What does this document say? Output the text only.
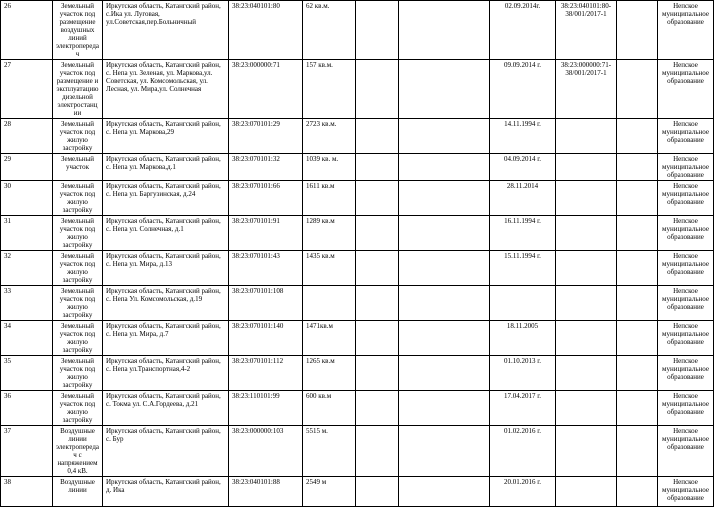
26	Земельный участок под размещение воздушных линий электропередач	Иркутская область, Катангский район, с.Ика ул. Луговая, ул.Советская,пер.Больничный	38:23:040101:80	62 кв.м.			02.09.2014г.	38:23:040101:80-38/001/2017-1		Непское муниципальное образование
27	Земельный участок под размещение и эксплуатацию дизельной электростанции	Иркутская область, Катангский район, с. Непа ул. Зеленая, ул. Маркова,ул. Советская, ул. Комсомольская, ул. Лесная, ул. Мира,ул. Солнечная	38:23:000000:71	157 кв.м.			09.09.2014 г.	38:23:000000:71-38/001/2017-1		Непское муниципальное образование
28	Земельный участок под жилую застройку	Иркутская область, Катангский район, с. Непа ул. Маркова,29	38:23:070101:29	2723 кв.м.			14.11.1994 г.			Непское муниципальное образование
29	Земельный участок	Иркутская область, Катангский район, с. Непа ул. Маркова,д.1	38:23:070101:32	1039 кв. м.			04.09.2014 г.			Непское муниципальное образование
30	Земельный участок под жилую застройку	Иркутская область, Катангский район, с. Непа ул. Баргузинская, д.24	38:23:070101:66	1611 кв.м			28.11.2014			Непское муниципальное образование
31	Земельный участок под жилую застройку	Иркутская область, Катангский район, с. Непа ул. Солнечная, д.1	38:23:070101:91	1289 кв.м			16.11.1994 г.			Непское муниципальное образование
32	Земельный участок под жилую застройку	Иркутская область, Катангский район, с. Непа ул. Мира, д.13	38:23:070101:43	1435 кв.м			15.11.1994 г.			Непское муниципальное образование
33	Земельный участок под жилую застройку	Иркутская область, Катангский район, с. Непа Ул. Комсомольская, д.19	38:23:070101:108							Непское муниципальное образование
34	Земельный участок под жилую застройку	Иркутская область, Катангский район, с. Непа ул. Мира, д.7	38:23:070101:140	1471кв.м			18.11.2005			Непское муниципальное образование
35	Земельный участок под жилую застройку	Иркутская область, Катангский район, с. Непа ул.Транспортная,4-2	38:23:070101:112	1265 кв.м			01.10.2013 г.			Непское муниципальное образование
36	Земельный участок под жилую застройку	Иркутская область, Катангский район, с. Токма ул. С.А.Гордеева, д.21	38:23:110101:99	600 кв.м			17.04.2017 г.			Непское муниципальное образование
37	Воздушные линии электропередач с напряжением 0,4 кВ.	Иркутская область, Катангский район, с. Бур	38:23:000000:103	5515 м.			01.02.2016 г.			Непское муниципальное образование
38	Воздушные линии	Иркутская область, Катангский район, д. Ика	38:23:040101:88	2549 м			20.01.2016 г.			Непское муниципальное образование
